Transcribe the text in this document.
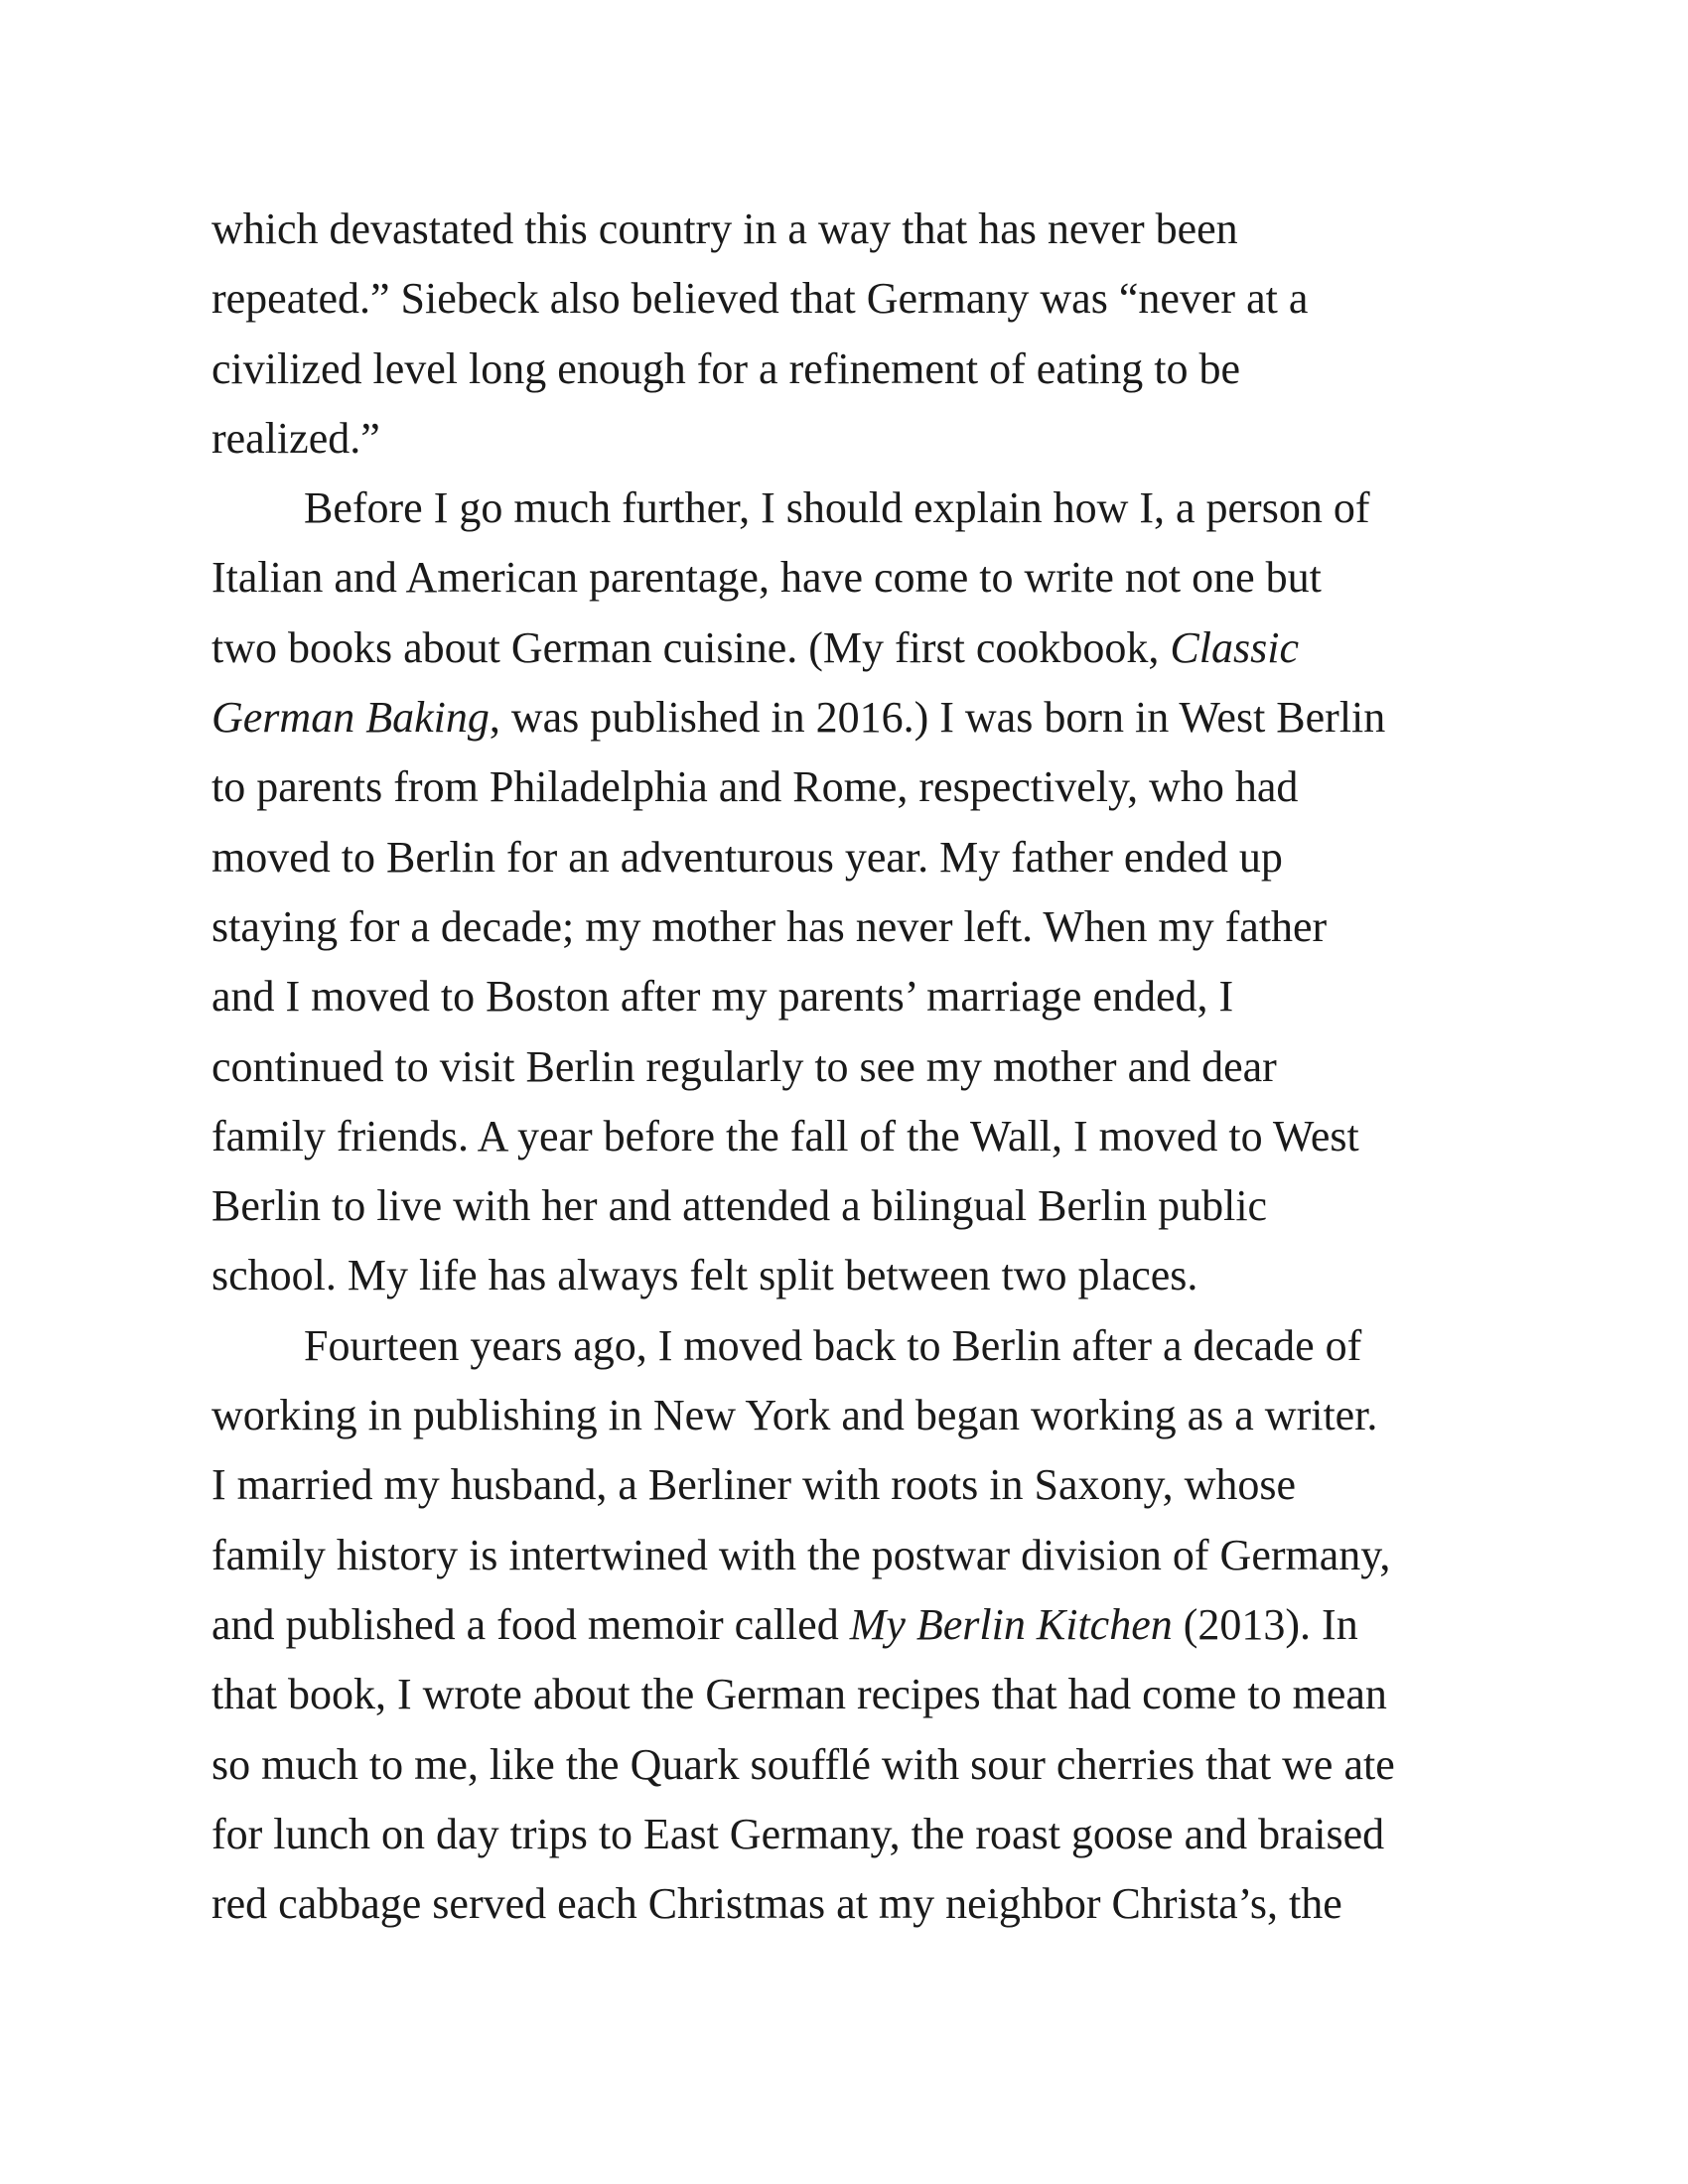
which devastated this country in a way that has never been
repeated.” Siebeck also believed that Germany was “never at a
civilized level long enough for a refinement of eating to be
realized.”
Before I go much further, I should explain how I, a person of
Italian and American parentage, have come to write not one but
two books about German cuisine. (My first cookbook, Classic
German Baking, was published in 2016.) I was born in West Berlin
to parents from Philadelphia and Rome, respectively, who had
moved to Berlin for an adventurous year. My father ended up
staying for a decade; my mother has never left. When my father
and I moved to Boston after my parents’ marriage ended, I
continued to visit Berlin regularly to see my mother and dear
family friends. A year before the fall of the Wall, I moved to West
Berlin to live with her and attended a bilingual Berlin public
school. My life has always felt split between two places.
Fourteen years ago, I moved back to Berlin after a decade of
working in publishing in New York and began working as a writer.
I married my husband, a Berliner with roots in Saxony, whose
family history is intertwined with the postwar division of Germany,
and published a food memoir called My Berlin Kitchen (2013). In
that book, I wrote about the German recipes that had come to mean
so much to me, like the Quark soufflé with sour cherries that we ate
for lunch on day trips to East Germany, the roast goose and braised
red cabbage served each Christmas at my neighbor Christa’s, the
